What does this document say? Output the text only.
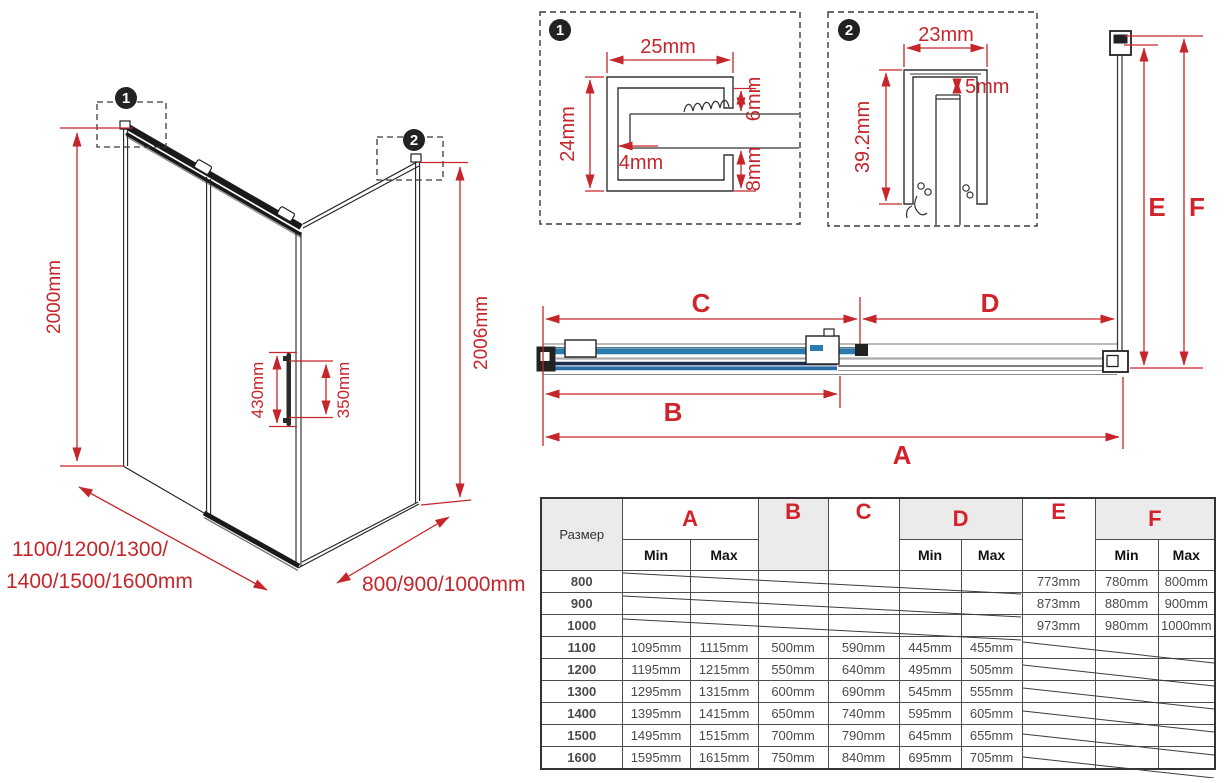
1
2
2000mm	2006mm
430mm	350mm
1100/1200/1300/
1400/1500/1600mm	800/900/1000mm
1
25mm
24mm
6mm
8mm
4mm
2	23mm
5mm
39.2mm
C	D
B
A
E F
Размер	A		B	C	D		E	F	
	Min	Max			Min	Max		Min	Max
800							773mm	780mm	800mm
900							873mm	880mm	900mm
1000							973mm	980mm	1000mm
1100	1095mm	1115mm	500mm	590mm	445mm	455mm			
1200	1195mm	1215mm	550mm	640mm	495mm	505mm			
1300	1295mm	1315mm	600mm	690mm	545mm	555mm			
1400	1395mm	1415mm	650mm	740mm	595mm	605mm			
1500	1495mm	1515mm	700mm	790mm	645mm	655mm			
1600	1595mm	1615mm	750mm	840mm	695mm	705mm			
